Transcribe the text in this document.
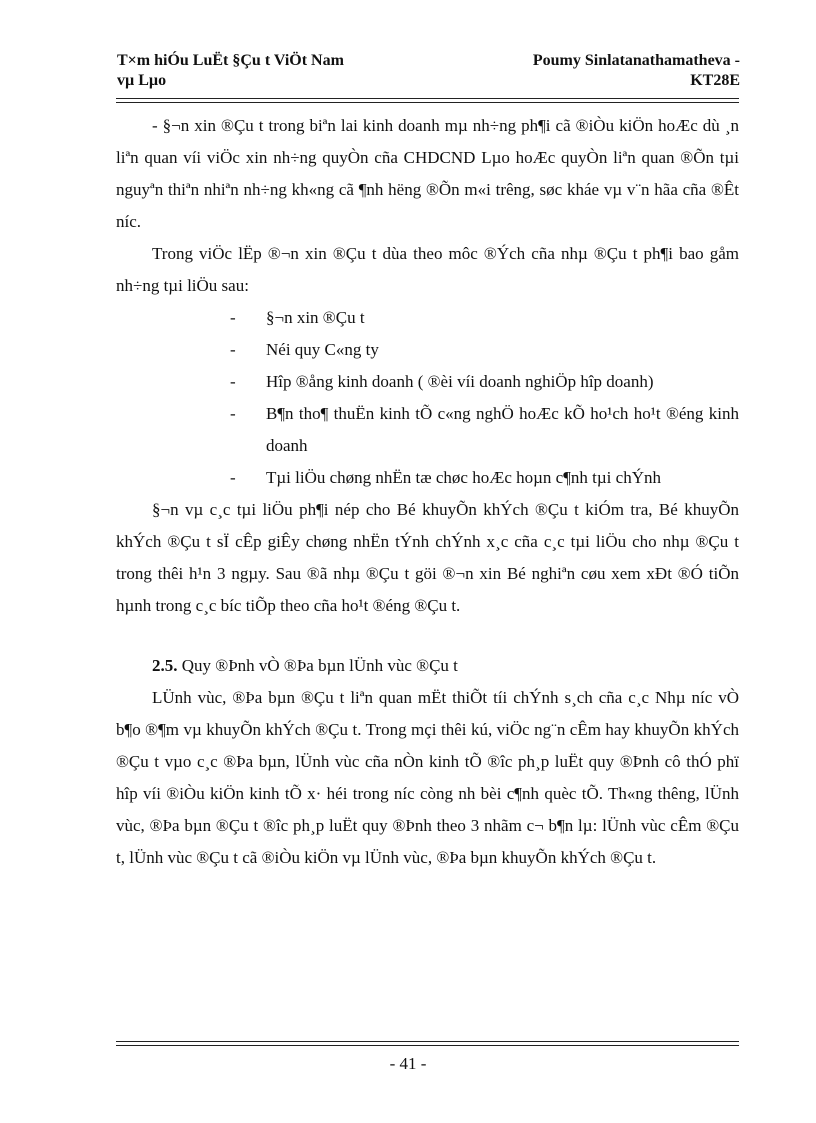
T×m hiÓu LuËt §Çu t ViÖt Nam
vµ Lµo
Poumy Sinlatanathamatheva -
KT28E

- §¬n xin ®Çu t trong biªn lai kinh doanh mµ nh÷ng ph¶i cã ®iÒu kiÖn hoÆc dù ¸n liªn quan víi viÖc xin nh÷ng quyÒn cña CHDCND Lµo hoÆc quyÒn liªn quan ®Õn tµi nguyªn thiªn nhiªn nh÷ng kh«ng cã ¶nh hëng ®Õn m«i trêng, søc kháe vµ v¨n hãa cña ®Êt níc.

Trong viÖc lËp ®¬n xin ®Çu t dùa theo môc ®Ých cña nhµ ®Çu t ph¶i bao gåm nh÷ng tµi liÖu sau:

- §¬n xin ®Çu t
- Néi quy C«ng ty
- Hîp ®ång kinh doanh ( ®èi víi doanh nghiÖp hîp doanh)
- B¶n tho¶ thuËn kinh tÕ c«ng nghÖ hoÆc kÕ ho¹ch ho¹t ®éng kinh doanh
- Tµi liÖu chøng nhËn tæ chøc hoÆc hoµn c¶nh tµi chÝnh

§¬n vµ c¸c tµi liÖu ph¶i nép cho Bé khuyÕn khÝch ®Çu t kiÓm tra, Bé khuyÕn khÝch ®Çu t sÏ cÊp giÊy chøng nhËn tÝnh chÝnh x¸c cña c¸c tµi liÖu cho nhµ ®Çu t trong thêi h¹n 3 ngµy. Sau ®ã nhµ ®Çu t göi ®¬n xin Bé nghiªn cøu xem xÐt ®Ó tiÕn hµnh trong c¸c bíc tiÕp theo cña ho¹t ®éng ®Çu t.

2.5. Quy ®Þnh vÒ ®Þa bµn lÜnh vùc ®Çu t

LÜnh vùc, ®Þa bµn ®Çu t liªn quan mËt thiÕt tíi chÝnh s¸ch cña c¸c Nhµ níc vÒ b¶o ®¶m vµ khuyÕn khÝch ®Çu t. Trong mçi thêi kú, viÖc ng¨n cÊm hay khuyÕn khÝch ®Çu t vµo c¸c ®Þa bµn, lÜnh vùc cña nÒn kinh tÕ ®îc ph¸p luËt quy ®Þnh cô thÓ phï hîp víi ®iÒu kiÖn kinh tÕ x· héi trong níc còng nh bèi c¶nh quèc tÕ. Th«ng thêng, lÜnh vùc, ®Þa bµn ®Çu t ®îc ph¸p luËt quy ®Þnh theo 3 nhãm c¬ b¶n lµ: lÜnh vùc cÊm ®Çu t, lÜnh vùc ®Çu t cã ®iÒu kiÖn vµ lÜnh vùc, ®Þa bµn khuyÕn khÝch ®Çu t.

- 41 -
